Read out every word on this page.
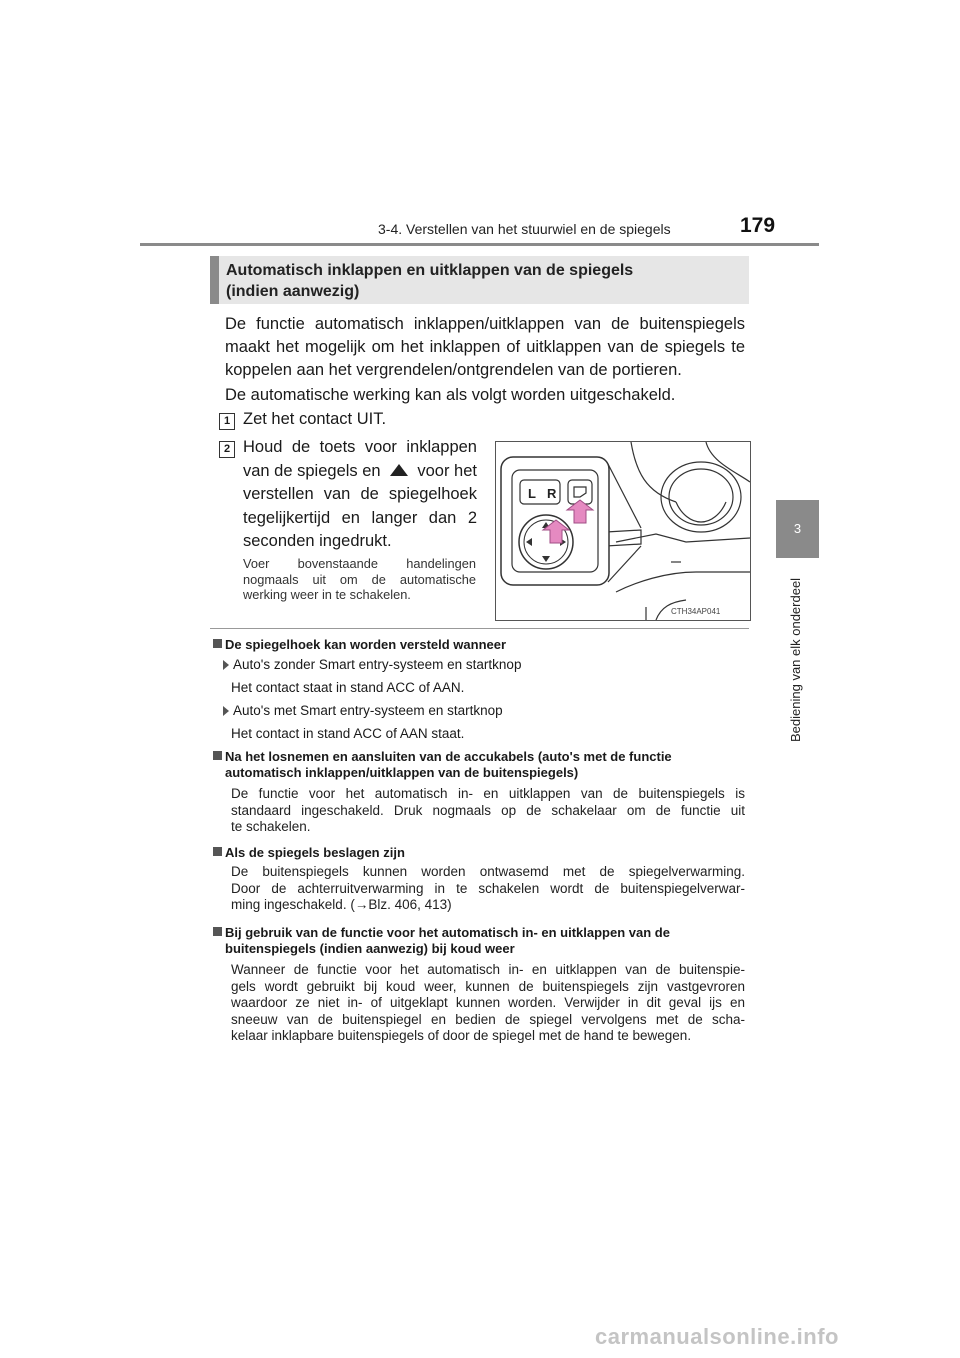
3-4. Verstellen van het stuurwiel en de spiegels	179
3
Bediening van elk onderdeel
Automatisch inklappen en uitklappen van de spiegels
(indien aanwezig)
De functie automatisch inklappen/uitklappen van de buitenspiegels
maakt het mogelijk om het inklappen of uitklappen van de spiegels te
koppelen aan het vergrendelen/ontgrendelen van de portieren.
De automatische werking kan als volgt worden uitgeschakeld.
1 Zet het contact UIT.
2 Houd de toets voor inklappen
van de spiegels en voor het
verstellen van de spiegelhoek
tegelijkertijd en langer dan 2
seconden ingedrukt.
Voer bovenstaande handelingen
nogmaals uit om de automatische
werking weer in te schakelen.
L R
CTH34AP041
De spiegelhoek kan worden versteld wanneer
Auto's zonder Smart entry-systeem en startknop
Het contact staat in stand ACC of AAN.
Auto's met Smart entry-systeem en startknop
Het contact in stand ACC of AAN staat.
Na het losnemen en aansluiten van de accukabels (auto's met de functie
automatisch inklappen/uitklappen van de buitenspiegels)
De functie voor het automatisch in- en uitklappen van de buitenspiegels is
standaard ingeschakeld. Druk nogmaals op de schakelaar om de functie uit
te schakelen.
Als de spiegels beslagen zijn
De buitenspiegels kunnen worden ontwasemd met de spiegelverwarming.
Door de achterruitverwarming in te schakelen wordt de buitenspiegelverwar-
ming ingeschakeld. (→Blz. 406, 413)
Bij gebruik van de functie voor het automatisch in- en uitklappen van de
buitenspiegels (indien aanwezig) bij koud weer
Wanneer de functie voor het automatisch in- en uitklappen van de buitenspie-
gels wordt gebruikt bij koud weer, kunnen de buitenspiegels zijn vastgevroren
waardoor ze niet in- of uitgeklapt kunnen worden. Verwijder in dit geval ijs en
sneeuw van de buitenspiegel en bedien de spiegel vervolgens met de scha-
kelaar inklapbare buitenspiegels of door de spiegel met de hand te bewegen.
carmanualsonline.info
